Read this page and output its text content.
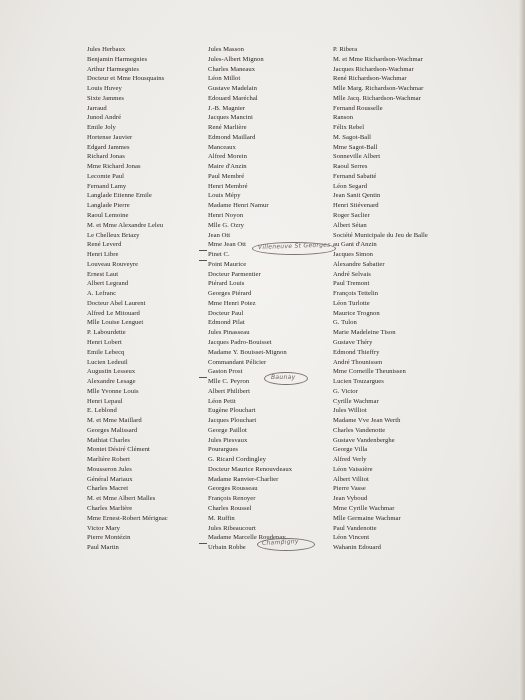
Jules Herbaux
Benjamin Harmegnies
Arthur Harmegnies
Docteur et Mme Housquains
Louis Huvey
Sixte Jammes
Jarraud
Junod André
Emile Joly
Hortense Jauvier
Edgard Jammes
Richard Jonas
Mme Richard Jonas
Lecomte Paul
Fernand Lamy
Langlade Etienne Emile
Langlade Pierre
Raoul Lemoine
M. et Mme Alexandre Leleu
Le Chelleux Briazy
René Leverd
Henri Libre
Louveau Rouveyre
Ernest Laut
Albert Legrand
A. Lefranc
Docteur Abel Laurent
Alfred Le Mitouard
Mlle Louise Lenguet
P. Labourdette
Henri Lobert
Emile Lebecq
Lucien Ledeuil
Augustin Lesseux
Alexandre Lesage
Mlle Yvonne Louis
Henri Lepaul
E. Leblond
M. et Mme Maillard
Georges Malissard
Mathiat Charles
Montet Désiré Clément
Marlière Robert
Mousseron Jules
Général Mariaux
Charles Macret
M. et Mme Albert Malles
Charles Marlière
Mme Ernest-Robert Mérignac
Victor Mary
Pierre Montézin
Paul Martin
Jules Masson
Jules-Albert Mignon
Charles Maneaux
Léon Millot
Gustave Madelain
Edouard Maréchal
J.-B. Magnier
Jacques Mancini
René Marlière
Edmond Maillard
Manceaux
Alfred Morein
Maire d'Anzin
Paul Membré
Henri Membré
Louis Mépy
Madame Henri Namur
Henri Noyon
Mlle G. Ozry
Jean Ott
Mme Jean Ott
Pinet C.
Point Maurice
Docteur Parmentier
Piérard Louis
Georges Piérard
Mme Henri Potez
Docteur Paul
Edmond Pilat
Jules Pinasseau
Jacques Padro-Bouisset
Madame Y. Bouisset-Mignon
Commandant Pélicier
Gaston Prost
Mlle C. Peyron
Albert Philibert
Léon Petit
Eugène Plouchart
Jacques Plouchart
George Paillot
Jules Piesvaux
Pourargues
G. Ricard Cordingley
Docteur Maurice Renouvdeaux
Madame Ranvier-Charlier
Georges Rousseau
François Renoyer
Charles Roussel
M. Ruffin
Jules Ribeaucourt
Madame Marcelle Roudenay
Urbain Robbe
P. Ribera
M. et Mme Richardson-Wachmar
Jacques Richardson-Wachmar
René Richardson-Wachmar
Mlle Marg. Richardson-Wachmar
Mlle Jacq. Richardson-Wachmar
Fernand Rousselle
Ranson
Félix Rebel
M. Sagot-Ball
Mme Sagot-Ball
Sonneville Albert
Raoul Serres
Fernand Sabatté
Léon Segard
Jean Sanit Qentin
Henri Stiévenard
Roger Saclier
Albert Sétan
Société Municipale du Jeu de Balle
au Gant d'Anzin
Jacques Simon
Alexandre Sabatier
André Selvais
Paul Tremont
François Tettelin
Léon Turlotte
Maurice Trognon
G. Tulon
Marie Madeleine Tison
Gustave Théry
Edmond Thieffry
André Thounissen
Mme Corneille Theunissen
Lucien Touzargues
G. Victor
Cyrille Wachmar
Jules Williot
Madame Vve Jean Werth
Charles Vandenotte
Gustave Vandenberghe
George Villa
Alfred Verly
Léon Vaissière
Albert Villiot
Pierre Vasse
Jean Vyboud
Mme Cyrille Wachmar
Mlle Germaine Wachmar
Paul Vandenotte
Léon Vincent
Wahanin Edouard
Villeneuve St Georges
Baunay
Champigny
